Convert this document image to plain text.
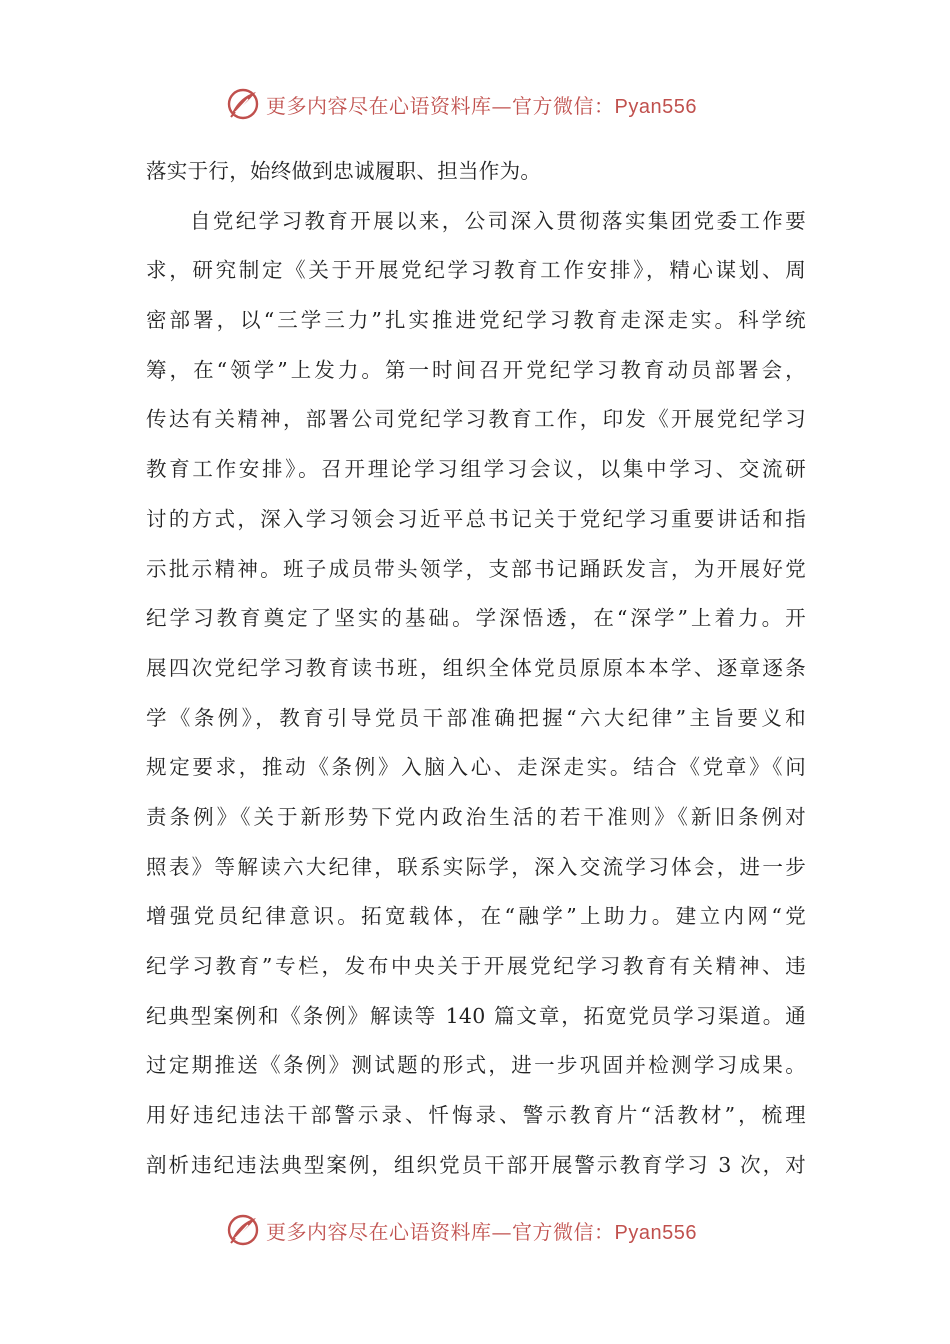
更多内容尽在心语资料库—官方微信：Pyan556
落实于行，始终做到忠诚履职、担当作为。
自党纪学习教育开展以来，公司深入贯彻落实集团党委工作要
求，研究制定《关于开展党纪学习教育工作安排》，精心谋划、周
密部署，以“三学三力”扎实推进党纪学习教育走深走实。科学统
筹，在“领学”上发力。第一时间召开党纪学习教育动员部署会，
传达有关精神，部署公司党纪学习教育工作，印发《开展党纪学习
教育工作安排》。召开理论学习组学习会议，以集中学习、交流研
讨的方式，深入学习领会习近平总书记关于党纪学习重要讲话和指
示批示精神。班子成员带头领学，支部书记踊跃发言，为开展好党
纪学习教育奠定了坚实的基础。学深悟透，在“深学”上着力。开
展四次党纪学习教育读书班，组织全体党员原原本本学、逐章逐条
学《条例》，教育引导党员干部准确把握“六大纪律”主旨要义和
规定要求，推动《条例》入脑入心、走深走实。结合《党章》《问
责条例》《关于新形势下党内政治生活的若干准则》《新旧条例对
照表》等解读六大纪律，联系实际学，深入交流学习体会，进一步
增强党员纪律意识。拓宽载体，在“融学”上助力。建立内网“党
纪学习教育”专栏，发布中央关于开展党纪学习教育有关精神、违
纪典型案例和《条例》解读等 140 篇文章，拓宽党员学习渠道。通
过定期推送《条例》测试题的形式，进一步巩固并检测学习成果。
用好违纪违法干部警示录、忏悔录、警示教育片“活教材”，梳理
剖析违纪违法典型案例，组织党员干部开展警示教育学习 3 次，对
更多内容尽在心语资料库—官方微信：Pyan556
